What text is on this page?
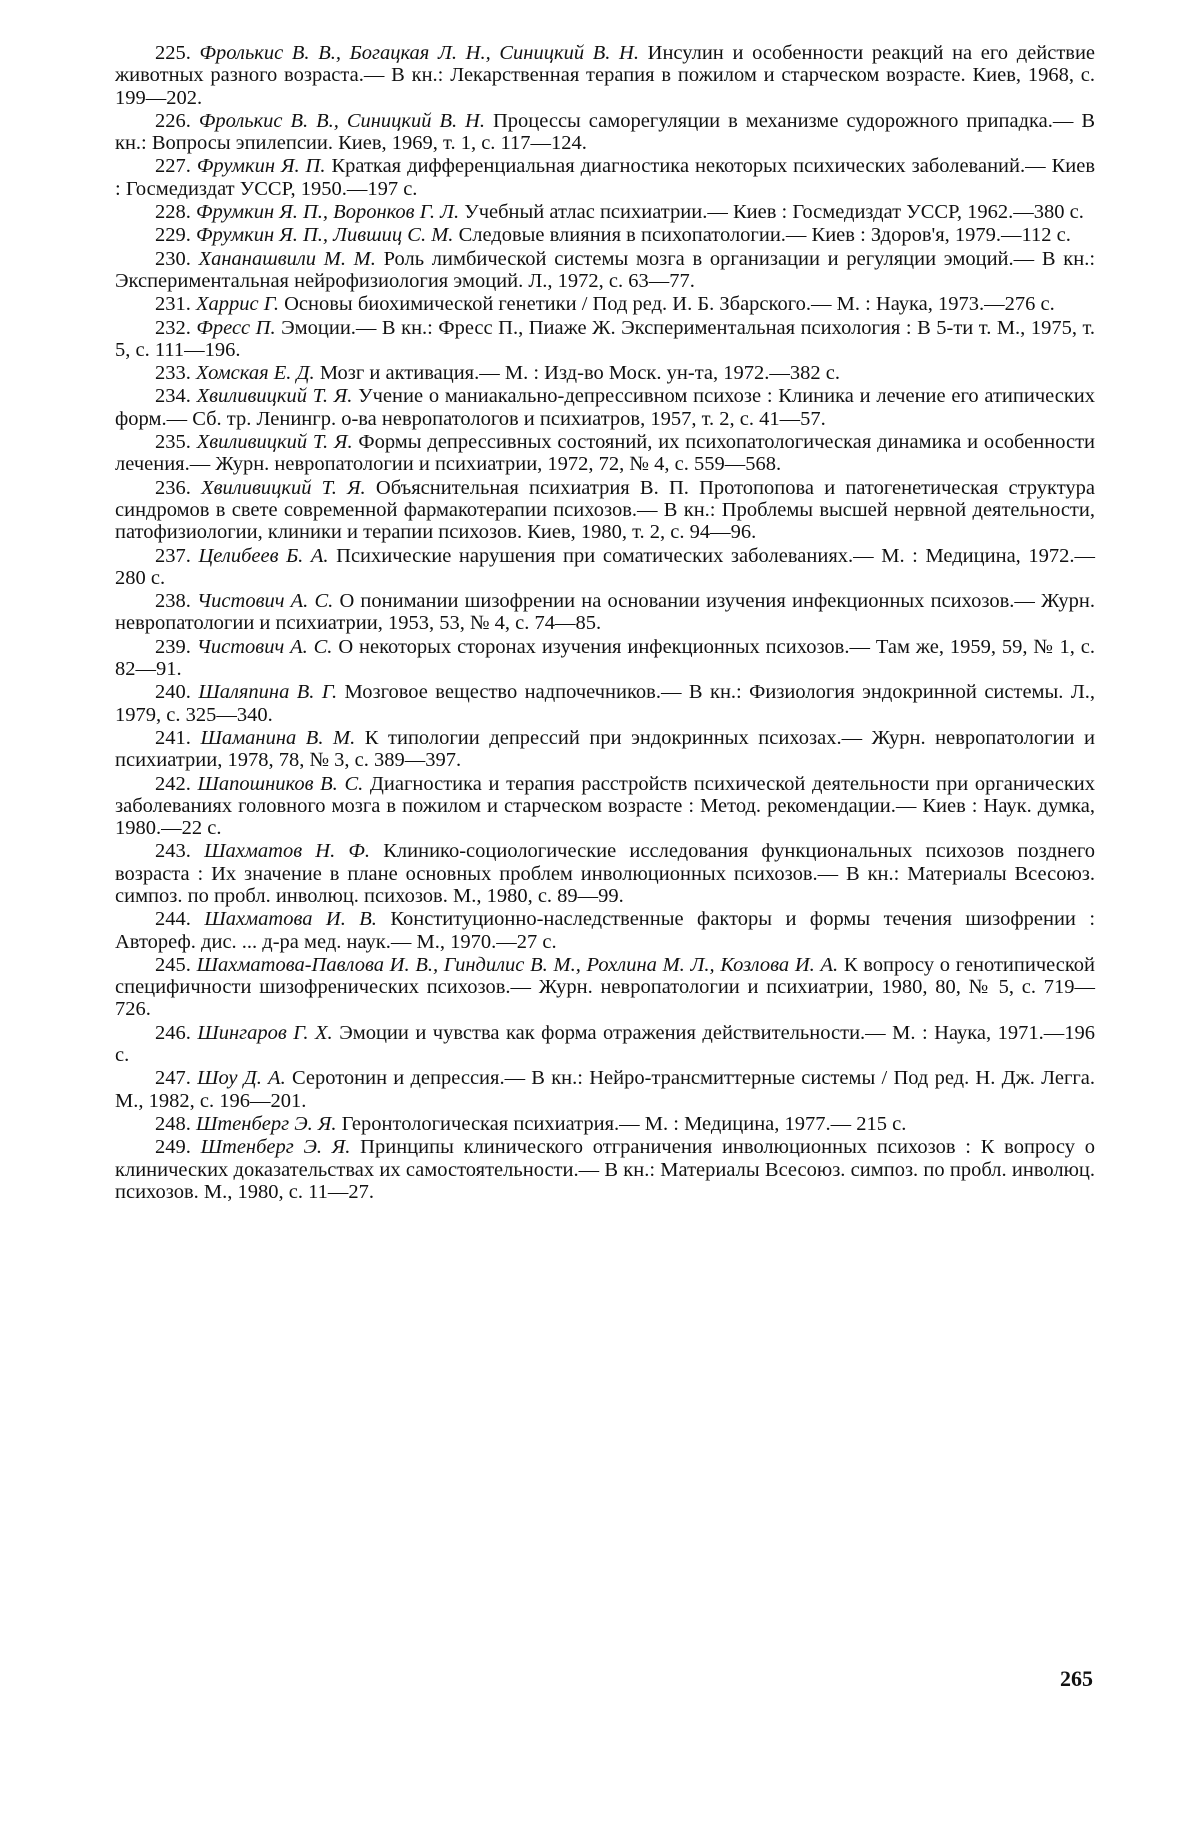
225. Фролькис В. В., Богацкая Л. Н., Синицкий В. Н. Инсулин и особенности реакций на его действие животных разного возраста.— В кн.: Лекарственная терапия в пожилом и старческом возрасте. Киев, 1968, с. 199—202.

226. Фролькис В. В., Синицкий В. Н. Процессы саморегуляции в механизме судорожного припадка.— В кн.: Вопросы эпилепсии. Киев, 1969, т. 1, с. 117—124.

227. Фрумкин Я. П. Краткая дифференциальная диагностика некоторых психических заболеваний.— Киев : Госмедиздат УССР, 1950.—197 с.

228. Фрумкин Я. П., Воронков Г. Л. Учебный атлас психиатрии.— Киев : Госмедиздат УССР, 1962.—380 с.

229. Фрумкин Я. П., Лившиц С. М. Следовые влияния в психопатологии.— Киев : Здоров'я, 1979.—112 с.

230. Хананашвили М. М. Роль лимбической системы мозга в организации и регуляции эмоций.— В кн.: Экспериментальная нейрофизиология эмоций. Л., 1972, с. 63—77.

231. Харрис Г. Основы биохимической генетики / Под ред. И. Б. Збарского.— М. : Наука, 1973.—276 с.

232. Фресс П. Эмоции.— В кн.: Фресс П., Пиаже Ж. Экспериментальная психология : В 5-ти т. М., 1975, т. 5, с. 111—196.

233. Хомская Е. Д. Мозг и активация.— М. : Изд-во Моск. ун-та, 1972.—382 с.

234. Хвиливицкий Т. Я. Учение о маниакально-депрессивном психозе : Клиника и лечение его атипических форм.— Сб. тр. Ленингр. о-ва невропатологов и психиатров, 1957, т. 2, с. 41—57.

235. Хвиливицкий Т. Я. Формы депрессивных состояний, их психопатологическая динамика и особенности лечения.— Журн. невропатологии и психиатрии, 1972, 72, № 4, с. 559—568.

236. Хвиливицкий Т. Я. Объяснительная психиатрия В. П. Протопопова и патогенетическая структура синдромов в свете современной фармакотерапии психозов.— В кн.: Проблемы высшей нервной деятельности, патофизиологии, клиники и терапии психозов. Киев, 1980, т. 2, с. 94—96.

237. Целибеев Б. А. Психические нарушения при соматических заболеваниях.— М. : Медицина, 1972.—280 с.

238. Чистович А. С. О понимании шизофрении на основании изучения инфекционных психозов.— Журн. невропатологии и психиатрии, 1953, 53, № 4, с. 74—85.

239. Чистович А. С. О некоторых сторонах изучения инфекционных психозов.— Там же, 1959, 59, № 1, с. 82—91.

240. Шаляпина В. Г. Мозговое вещество надпочечников.— В кн.: Физиология эндокринной системы. Л., 1979, с. 325—340.

241. Шаманина В. М. К типологии депрессий при эндокринных психозах.— Журн. невропатологии и психиатрии, 1978, 78, № 3, с. 389—397.

242. Шапошников В. С. Диагностика и терапия расстройств психической деятельности при органических заболеваниях головного мозга в пожилом и старческом возрасте : Метод. рекомендации.— Киев : Наук. думка, 1980.—22 с.

243. Шахматов Н. Ф. Клинико-социологические исследования функциональных психозов позднего возраста : Их значение в плане основных проблем инволюционных психозов.— В кн.: Материалы Всесоюз. симпоз. по пробл. инволюц. психозов. М., 1980, с. 89—99.

244. Шахматова И. В. Конституционно-наследственные факторы и формы течения шизофрении : Автореф. дис. ... д-ра мед. наук.— М., 1970.—27 с.

245. Шахматова-Павлова И. В., Гиндилис В. М., Рохлина М. Л., Козлова И. А. К вопросу о генотипической специфичности шизофренических психозов.— Журн. невропатологии и психиатрии, 1980, 80, № 5, с. 719—726.

246. Шингаров Г. Х. Эмоции и чувства как форма отражения действительности.— М. : Наука, 1971.—196 с.

247. Шоу Д. А. Серотонин и депрессия.— В кн.: Нейро-трансмиттерные системы / Под ред. Н. Дж. Легга. М., 1982, с. 196—201.

248. Штенберг Э. Я. Геронтологическая психиатрия.— М. : Медицина, 1977.— 215 с.

249. Штенберг Э. Я. Принципы клинического отграничения инволюционных психозов : К вопросу о клинических доказательствах их самостоятельности.— В кн.: Материалы Всесоюз. симпоз. по пробл. инволюц. психозов. М., 1980, с. 11—27.

265
